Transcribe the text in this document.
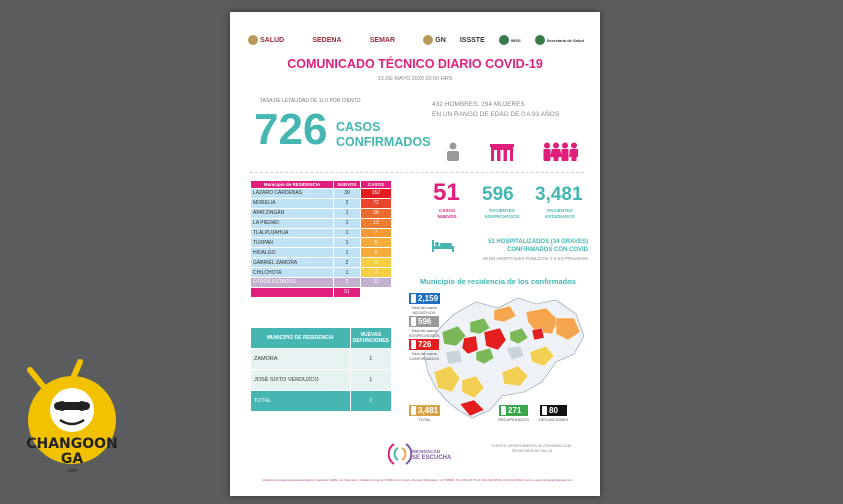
SALUD	SEDENA	SEMAR	GN ISSSTE	IMSS	Secretaría de Salud
COMUNICADO TÉCNICO DIARIO COVID-19
13 DE MAYO 2020 20:00 HRS
TASA DE LETALIDAD DE 11.0 POR CIENTO
726 CASOS
CONFIRMADOS
432 HOMBRES, 294 MUJERES
EN UN RANGO DE EDAD DE 0 A 93 AÑOS
Municipio de RESIDENCIA	NUEVOS	CASOS
LÁZARO CÁRDENAS	39	352
MORELIA	2	72
APATZINGÁN	1	26
LA PIEDAD	1	13
TLALPUJAHUA	1	7
TUXPAN	1	5
HIDALGO	1	5
GABRIEL ZAMORA	2	2
CHILCHOTA	1	2
OTROS ESTADOS	2	32
	51	
51
CASOS
NUEVOS
596
PACIENTES
SOSPECHOSOS
3,481
PACIENTES
ESTUDIADOS
51 HOSPITALIZADOS (34 GRAVES)
CONFIRMADOS CON COVID
49 EN HOSPITALES PÚBLICOS Y 2 EN PRIVADOS
MUNICIPIO DE RESIDENCIA	NUEVAS DEFUNCIONES
ZAMORA	1
JOSÉ SIXTO VERDUZCO	1
TOTAL	2
Municipio de residencia de los confirmados
2,159
Total de casos NEGATIVOS
596
Total de casos SOSPECHOSOS
726
Total de casos CONFIRMADOS
3,481
TOTAL
271
RECUPERADOS
80
DEFUNCIONES
MICHOACÁN
SE ESCUCHA
FUENTE: DEPARTAMENTO DE EPIDEMIOLOGÍA,
SECRETARÍA DE SALUD
Unidad de Inteligencia Epidemiológica y Sanitaria (UIES), Av. Francisco I. Madero Poniente N°1081 Col. Centro, Morelia, Michoacán, C.P. 58000. Tel. 443 322 37 00, 443 322 28 00 y 443 311 3002. Correo: uiesmichoacan@gmail.com
CHANGOON
GA
.com
